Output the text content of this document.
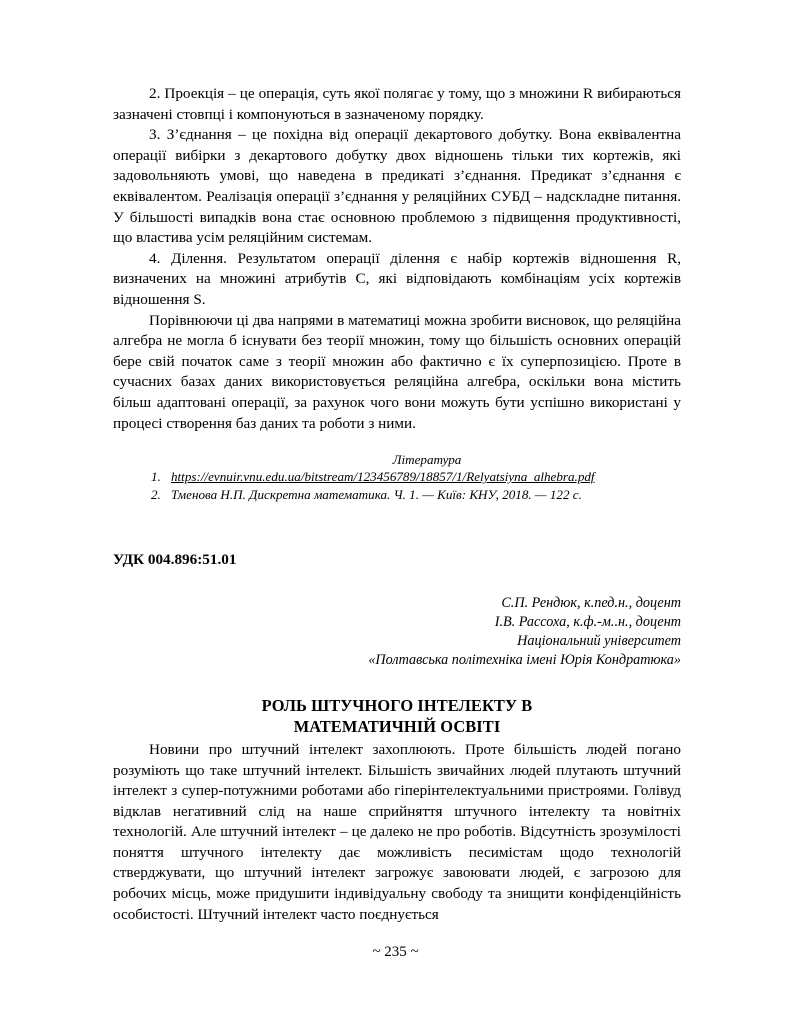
2. Проекція – це операція, суть якої полягає у тому, що з множини R вибираються зазначені стовпці і компонуються в зазначеному порядку.

3. З’єднання – це похідна від операції декартового добутку. Вона еквівалентна операції вибірки з декартового добутку двох відношень тільки тих кортежів, які задовольняють умові, що наведена в предикаті з’єднання. Предикат з’єднання є еквівалентом. Реалізація операції з’єднання у реляційних СУБД – надскладне питання. У більшості випадків вона стає основною проблемою з підвищення продуктивності, що властива усім реляційним системам.

4. Ділення. Результатом операції ділення є набір кортежів відношення R, визначених на множині атрибутів C, які відповідають комбінаціям усіх кортежів відношення S.

Порівнюючи ці два напрями в математиці можна зробити висновок, що реляційна алгебра не могла б існувати без теорії множин, тому що більшість основних операцій бере свій початок саме з теорії множин або фактично є їх суперпозицією. Проте в сучасних базах даних використовується реляційна алгебра, оскільки вона містить більш адаптовані операції, за рахунок чого вони можуть бути успішно використані у процесі створення баз даних та роботи з ними.

Література

1. https://evnuir.vnu.edu.ua/bitstream/123456789/18857/1/Relyatsiyna_alhebra.pdf
2. Тменова Н.П. Дискретна математика. Ч. 1. — Київ: КНУ, 2018. — 122 с.

УДК 004.896:51.01

С.П. Рендюк, к.пед.н., доцент
І.В. Рассоха, к.ф.-м..н., доцент
Національний університет
«Полтавська політехніка імені Юрія Кондратюка»
РОЛЬ ШТУЧНОГО ІНТЕЛЕКТУ В
МАТЕМАТИЧНІЙ ОСВІТІ

Новини про штучний інтелект захоплюють. Проте більшість людей погано розуміють що таке штучний інтелект. Більшість звичайних людей плутають штучний інтелект з супер-потужними роботами або гіперінтелектуальними пристроями. Голівуд відклав негативний слід на наше сприйняття штучного інтелекту та новітніх технологій. Але штучний інтелект – це далеко не про роботів. Відсутність зрозумілості поняття штучного інтелекту дає можливість песимістам щодо технологій стверджувати, що штучний інтелект загрожує завоювати людей, є загрозою для робочих місць, може придушити індивідуальну свободу та знищити конфіденційність особистості. Штучний інтелект часто поєднується

~ 235 ~
